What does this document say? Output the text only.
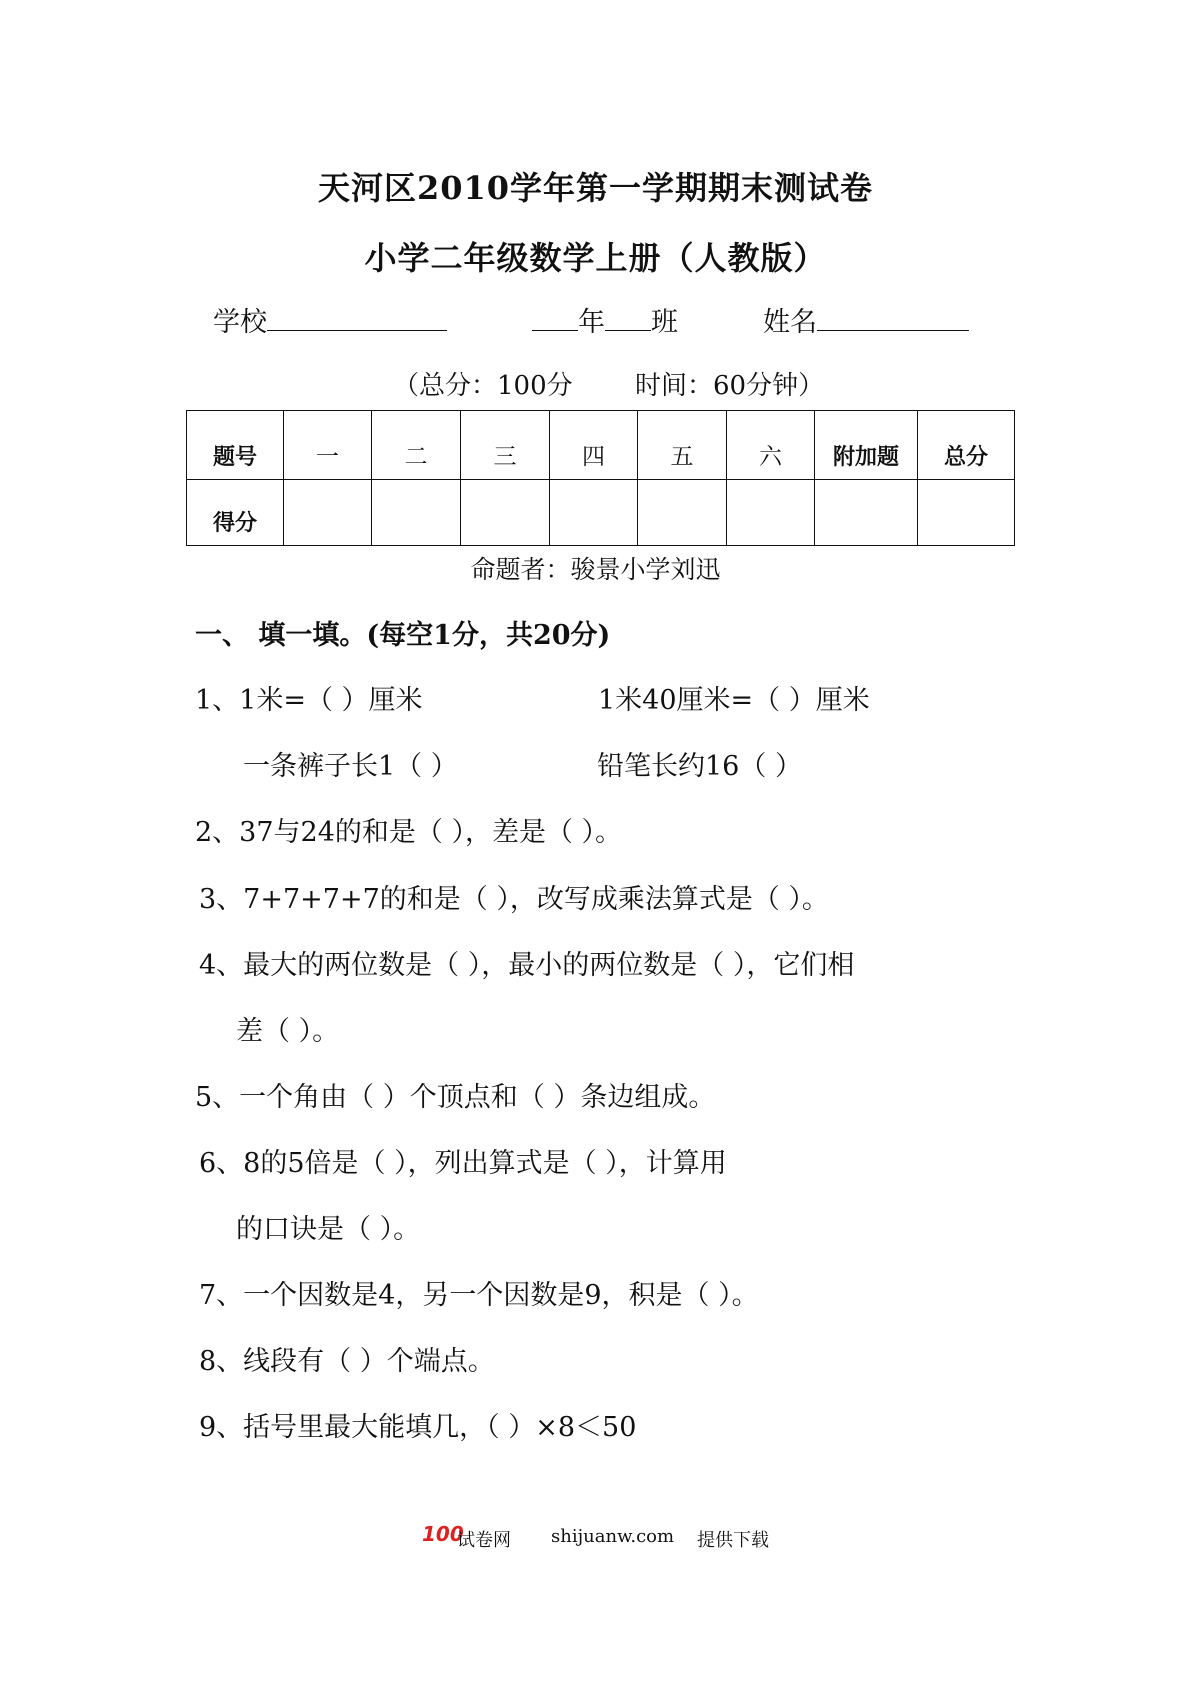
天河区2010学年第一学期期末测试卷
小学二年级数学上册（人教版）
学校	年 班	姓名
（总分：100分 时间：60分钟）
题号	一	二	三	四	五	六	附加题	总分
得分								
命题者：骏景小学刘迅
一、 填一填。(每空1分，共20分)
1、1米=（ ）厘米	1米40厘米=（ ）厘米
一条裤子长1（ ）	铅笔长约16（ ）
2、37与24的和是（ ），差是（ ）。
3、7+7+7+7的和是（ ），改写成乘法算式是（ ）。
4、最大的两位数是（ ），最小的两位数是（ ），它们相
差（ ）。
5、一个角由（ ）个顶点和（ ）条边组成。
6、8的5倍是（ ），列出算式是（ ），计算用
的口诀是（ ）。
7、一个因数是4，另一个因数是9，积是（ ）。
8、线段有（ ）个端点。
9、括号里最大能填几，（ ）×8＜50
100
试卷网 shijuanw.com 提供下载
